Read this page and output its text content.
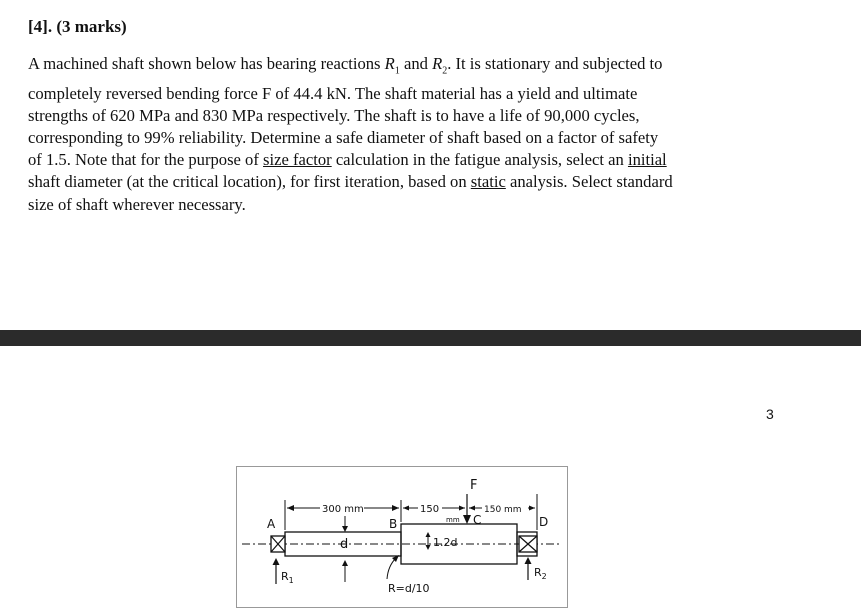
[4]. (3 marks)
A machined shaft shown below has bearing reactions $R_1$ and $R_2$. It is stationary and subjected to
completely reversed bending force F of 44.4 kN. The shaft material has a yield and ultimate
strengths of 620 MPa and 830 MPa respectively. The shaft is to have a life of 90,000 cycles,
corresponding to 99% reliability. Determine a safe diameter of shaft based on a factor of safety
of 1.5. Note that for the purpose of size factor calculation in the fatigue analysis, select an initial
shaft diameter (at the critical location), for first iteration, based on static analysis. Select standard
size of shaft wherever necessary.
3
300 mm	150
mm
150 mm
F
A	B	C	D
d	1.2d
R=d/10
$R_1$
$R_2$
